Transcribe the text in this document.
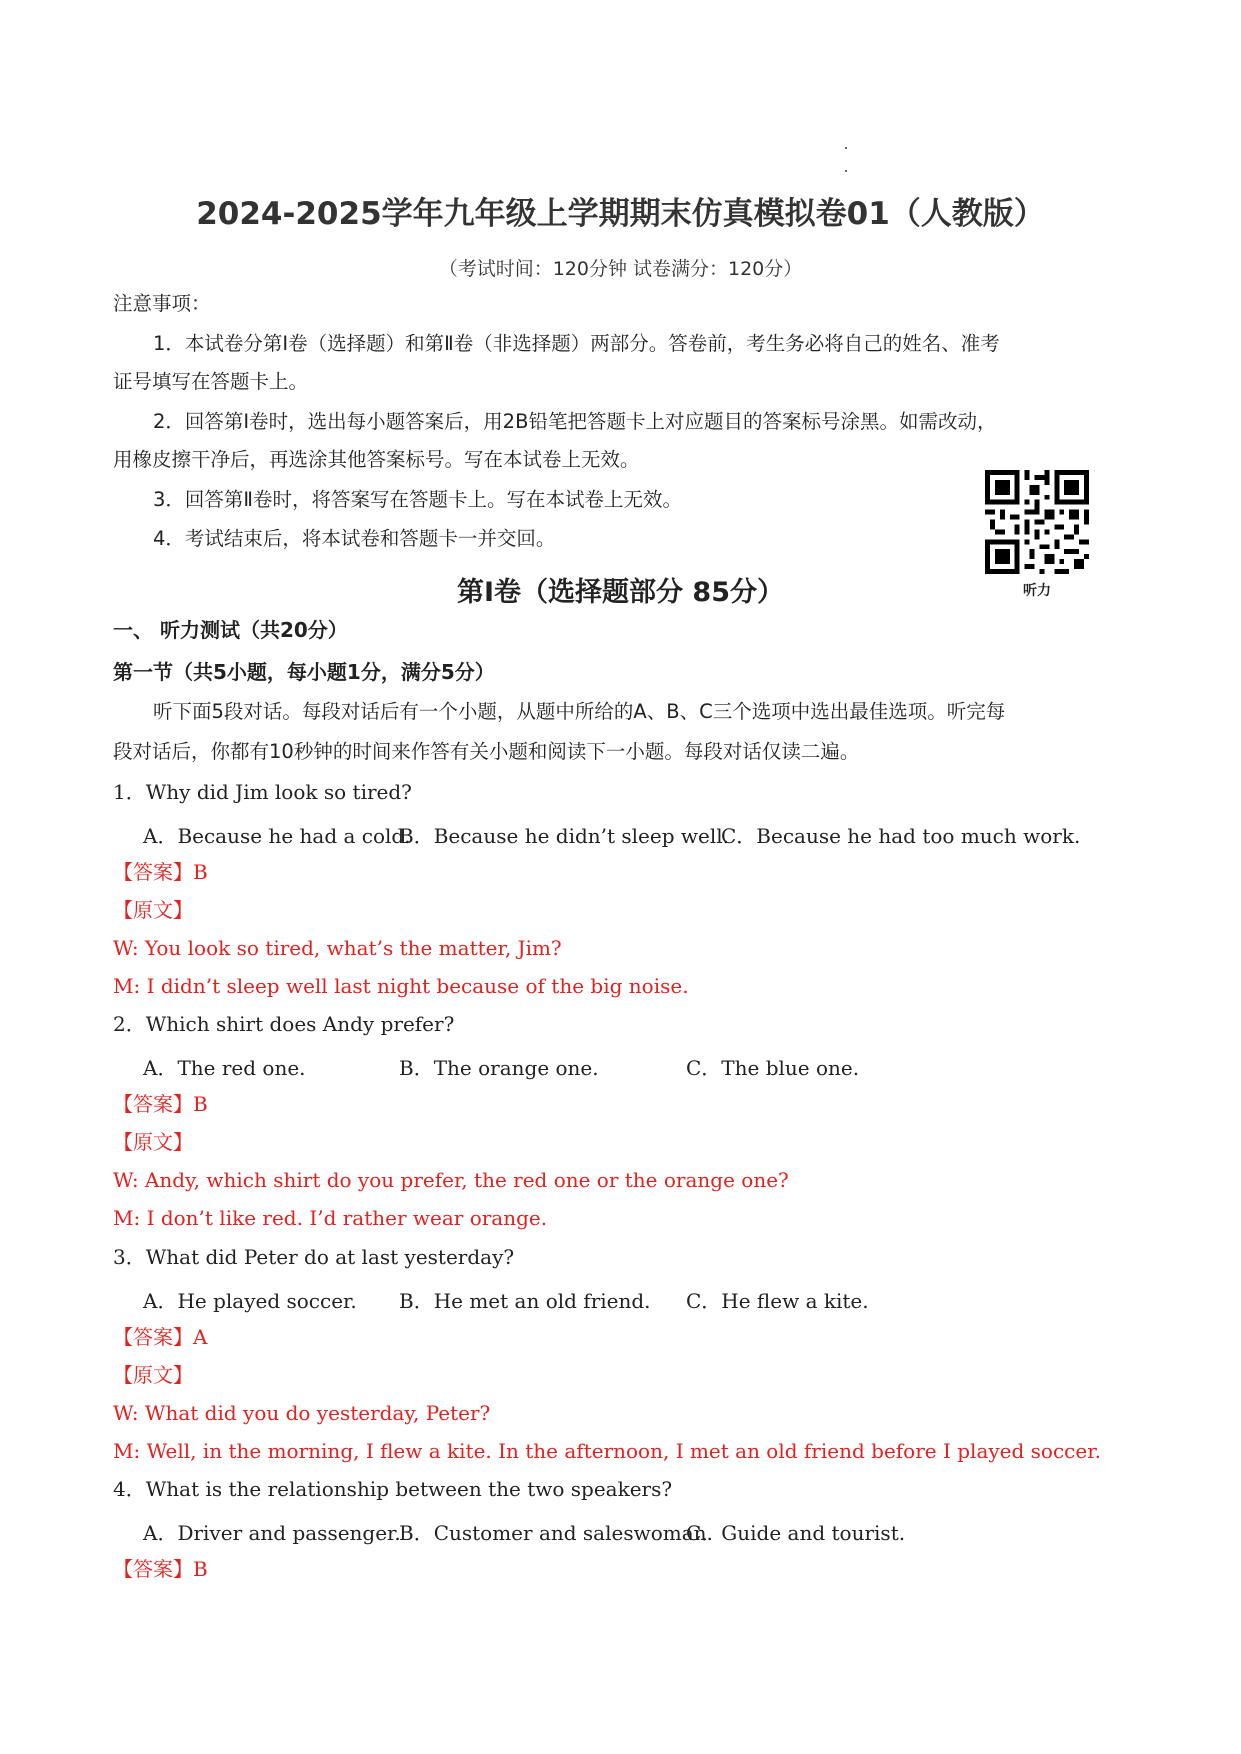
2024-2025学年九年级上学期期末仿真模拟卷01（人教版）
（考试时间：120分钟 试卷满分：120分）
注意事项：
1．本试卷分第Ⅰ卷（选择题）和第Ⅱ卷（非选择题）两部分。答卷前，考生务必将自己的姓名、准考
证号填写在答题卡上。
2．回答第Ⅰ卷时，选出每小题答案后，用2B铅笔把答题卡上对应题目的答案标号涂黑。如需改动，
用橡皮擦干净后，再选涂其他答案标号。写在本试卷上无效。
3．回答第Ⅱ卷时，将答案写在答题卡上。写在本试卷上无效。
4．考试结束后，将本试卷和答题卡一并交回。
听力
第Ⅰ卷（选择题部分 85分）
一、 听力测试（共20分）
第一节（共5小题，每小题1分，满分5分）
听下面5段对话。每段对话后有一个小题，从题中所给的A、B、C三个选项中选出最佳选项。听完每
段对话后，你都有10秒钟的时间来作答有关小题和阅读下一小题。每段对话仅读二遍。
1．Why did Jim look so tired?
A．Because he had a cold.
B．Because he didn’t sleep well.
C．Because he had too much work.
【答案】B
【原文】
W: You look so tired, what’s the matter, Jim?
M: I didn’t sleep well last night because of the big noise.
2．Which shirt does Andy prefer?
A．The red one.	B．The orange one.	C．The blue one.
【答案】B
【原文】
W: Andy, which shirt do you prefer, the red one or the orange one?
M: I don’t like red. I’d rather wear orange.
3．What did Peter do at last yesterday?
A．He played soccer. B．He met an old friend. C．He flew a kite.
【答案】A
【原文】
W: What did you do yesterday, Peter?
M: Well, in the morning, I flew a kite. In the afternoon, I met an old friend before I played soccer.
4．What is the relationship between the two speakers?
A．Driver and passenger.
B．Customer and saleswoman.
C．Guide and tourist.
【答案】B
